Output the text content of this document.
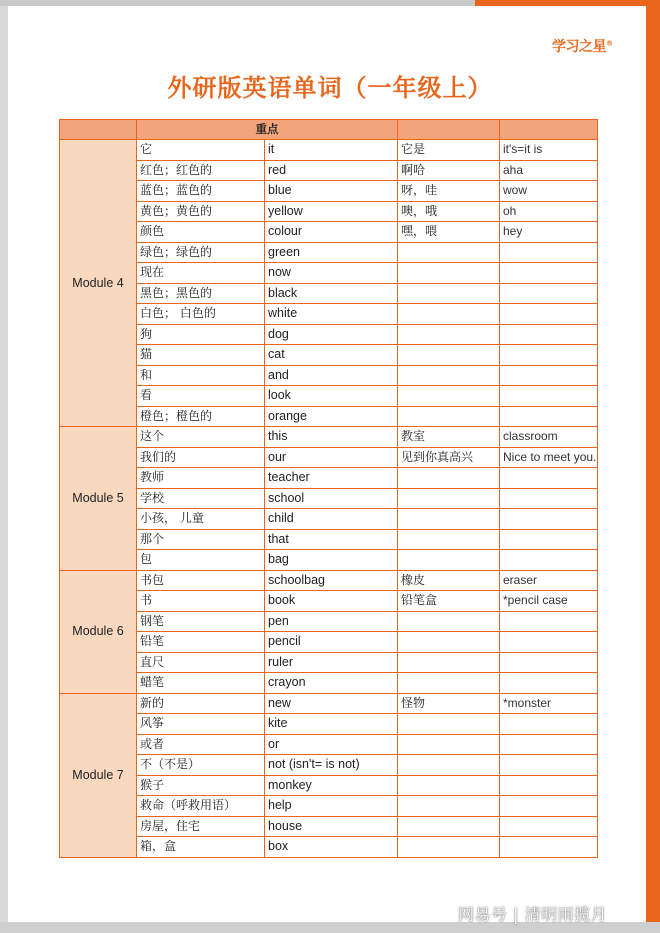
学习之星®
外研版英语单词（一年级上）
	重点			
Module 4	它	it	它是	it's=it is
	红色；红色的	red	啊哈	aha
	蓝色；蓝色的	blue	呀，哇	wow
	黄色；黄色的	yellow	噢，哦	oh
	颜色	colour	嘿，喂	hey
	绿色；绿色的	green		
	现在	now		
	黑色；黑色的	black		
	白色； 白色的	white		
	狗	dog		
	猫	cat		
	和	and		
	看	look		
	橙色；橙色的	orange		
Module 5	这个	this	教室	classroom
	我们的	our	见到你真高兴	Nice to meet you.
	教师	teacher		
	学校	school		
	小孩， 儿童	child		
	那个	that		
	包	bag		
Module 6	书包	schoolbag	橡皮	eraser
	书	book	铅笔盒	*pencil case
	钢笔	pen		
	铅笔	pencil		
	直尺	ruler		
	蜡笔	crayon		
Module 7	新的	new	怪物	*monster
	风筝	kite		
	或者	or		
	不（不是）	not (isn't= is not)		
	猴子	monkey		
	救命（呼救用语）	help		
	房屋，住宅	house		
	箱，盒	box		
网易号 | 清明雨揽月
